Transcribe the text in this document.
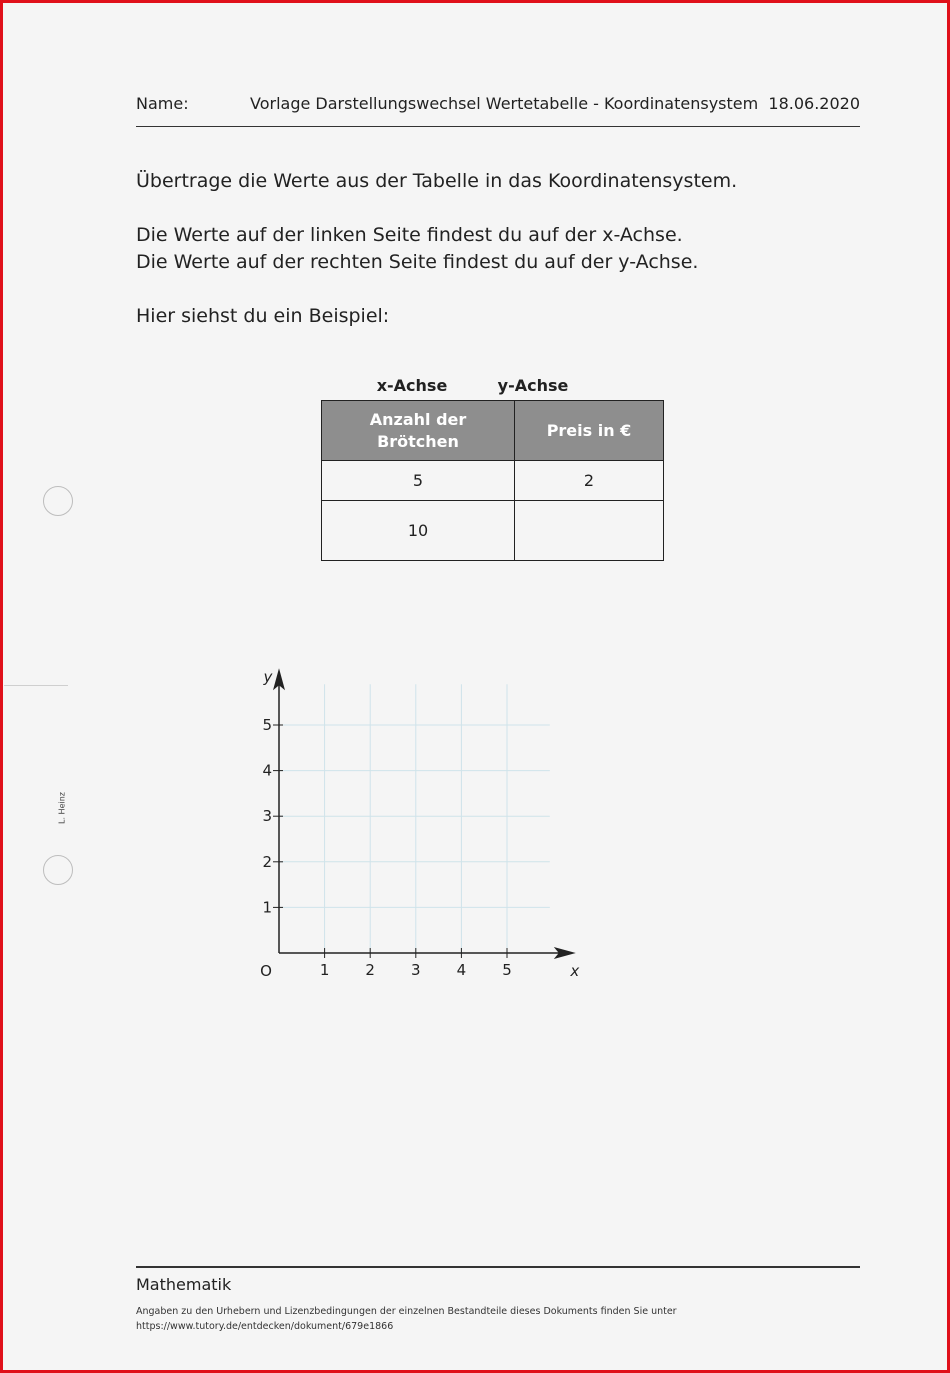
Name:	Vorlage Darstellungswechsel Wertetabelle - Koordinatensystem 18.06.2020
Übertrage die Werte aus der Tabelle in das Koordinatensystem.
Die Werte auf der linken Seite findest du auf der x-Achse.
Die Werte auf der rechten Seite findest du auf der y-Achse.
Hier siehst du ein Beispiel:
x-Achse	y-Achse
Anzahl der Brötchen	Preis in €
5	2
10	
L. Heinz
1 2 3 4 5
1
2
3
4
5
O	x
y
Mathematik
Angaben zu den Urhebern und Lizenzbedingungen der einzelnen Bestandteile dieses Dokuments finden Sie unter
https://www.tutory.de/entdecken/dokument/679e1866
